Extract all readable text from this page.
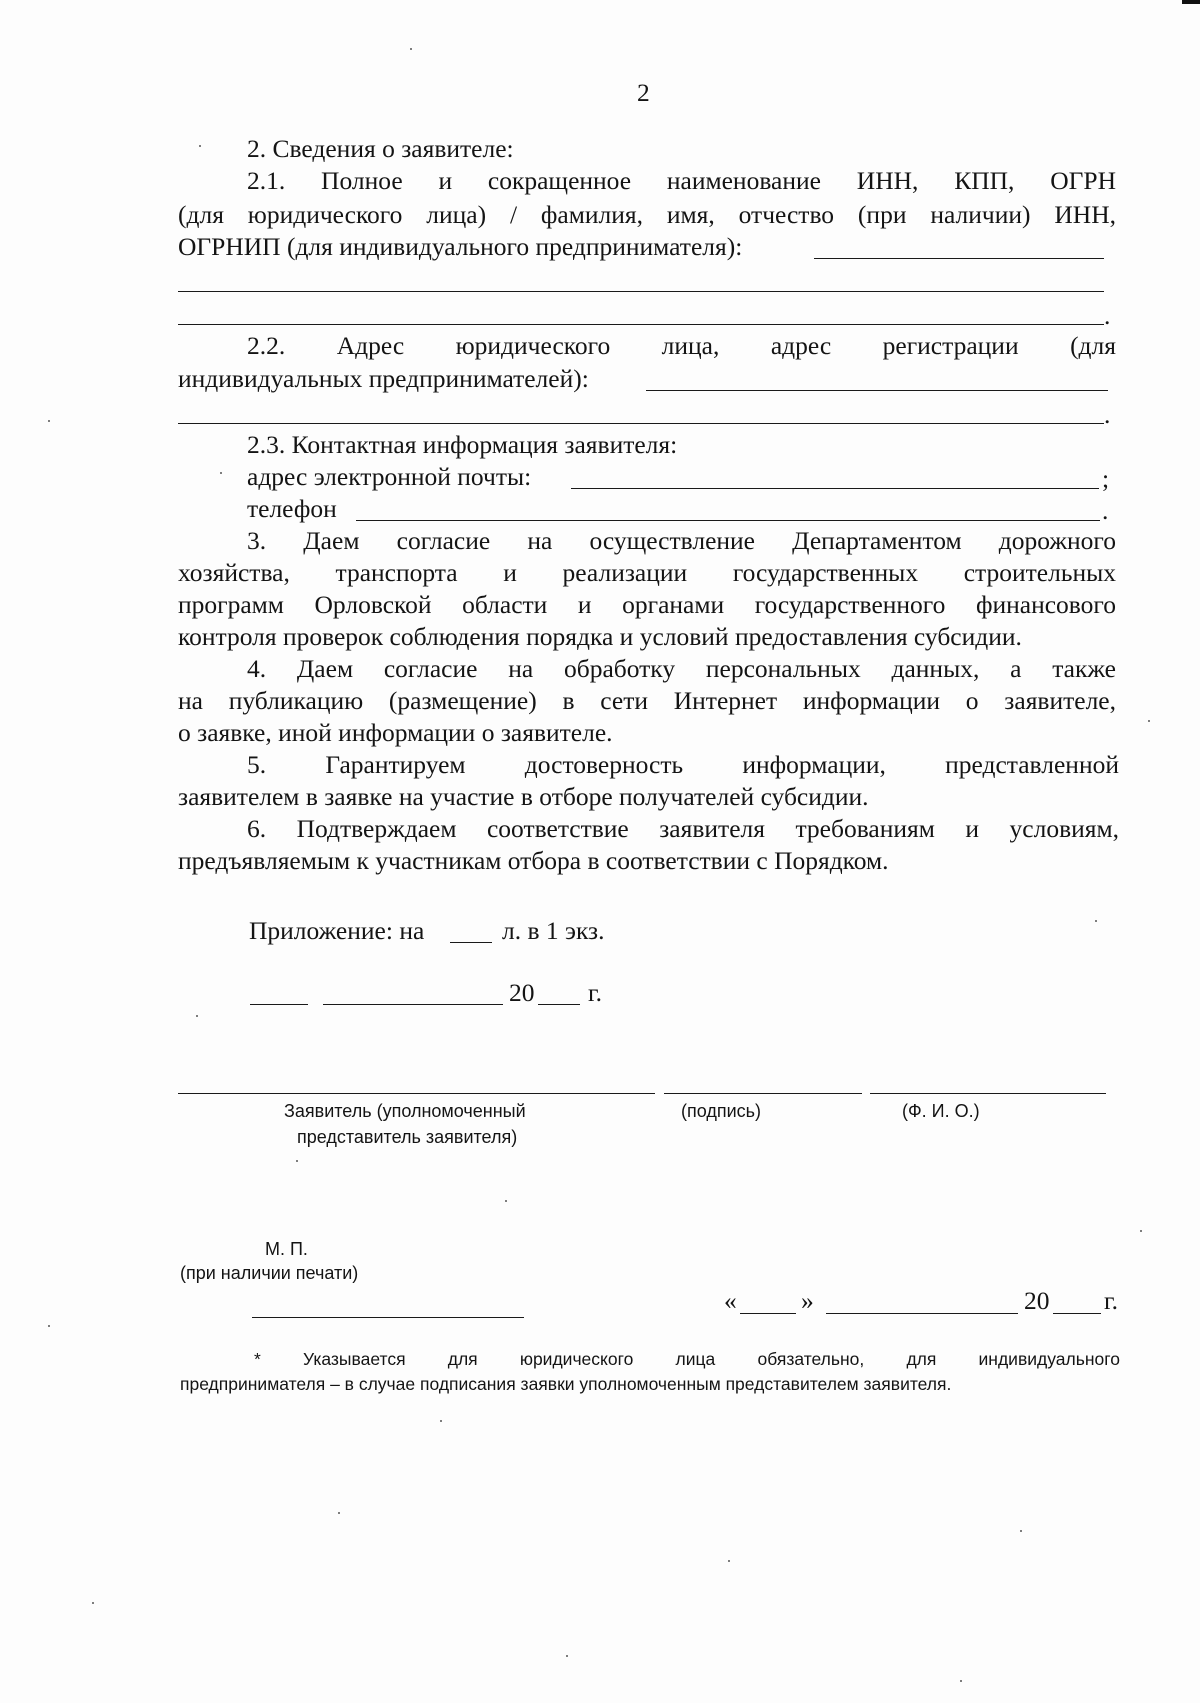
2
2. Сведения о заявителе:
2.1. Полное и сокращенное наименование ИНН, КПП, ОГРН
(для юридического лица) / фамилия, имя, отчество (при наличии) ИНН,
ОГРНИП (для индивидуального предпринимателя):
.
2.2. Адрес юридического лица, адрес регистрации (для
индивидуальных предпринимателей):
.
2.3. Контактная информация заявителя:
адрес электронной почты:	;
телефон	.
3. Даем согласие на осуществление Департаментом дорожного
хозяйства, транспорта и реализации государственных строительных
программ Орловской области и органами государственного финансового
контроля проверок соблюдения порядка и условий предоставления субсидии.
4. Даем согласие на обработку персональных данных, а также
на публикацию (размещение) в сети Интернет информации о заявителе,
о заявке, иной информации о заявителе.
5. Гарантируем достоверность информации, представленной
заявителем в заявке на участие в отборе получателей субсидии.
6. Подтверждаем соответствие заявителя требованиям и условиям,
предъявляемым к участникам отбора в соответствии с Порядком.
Приложение: на	л. в 1 экз.
20 г.
Заявитель (уполномоченный
представитель заявителя)
(подпись)	(Ф. И. О.)
М. П.
(при наличии печати)
«	»	20 г.
* Указывается для юридического лица обязательно, для индивидуального
предпринимателя – в случае подписания заявки уполномоченным представителем заявителя.
